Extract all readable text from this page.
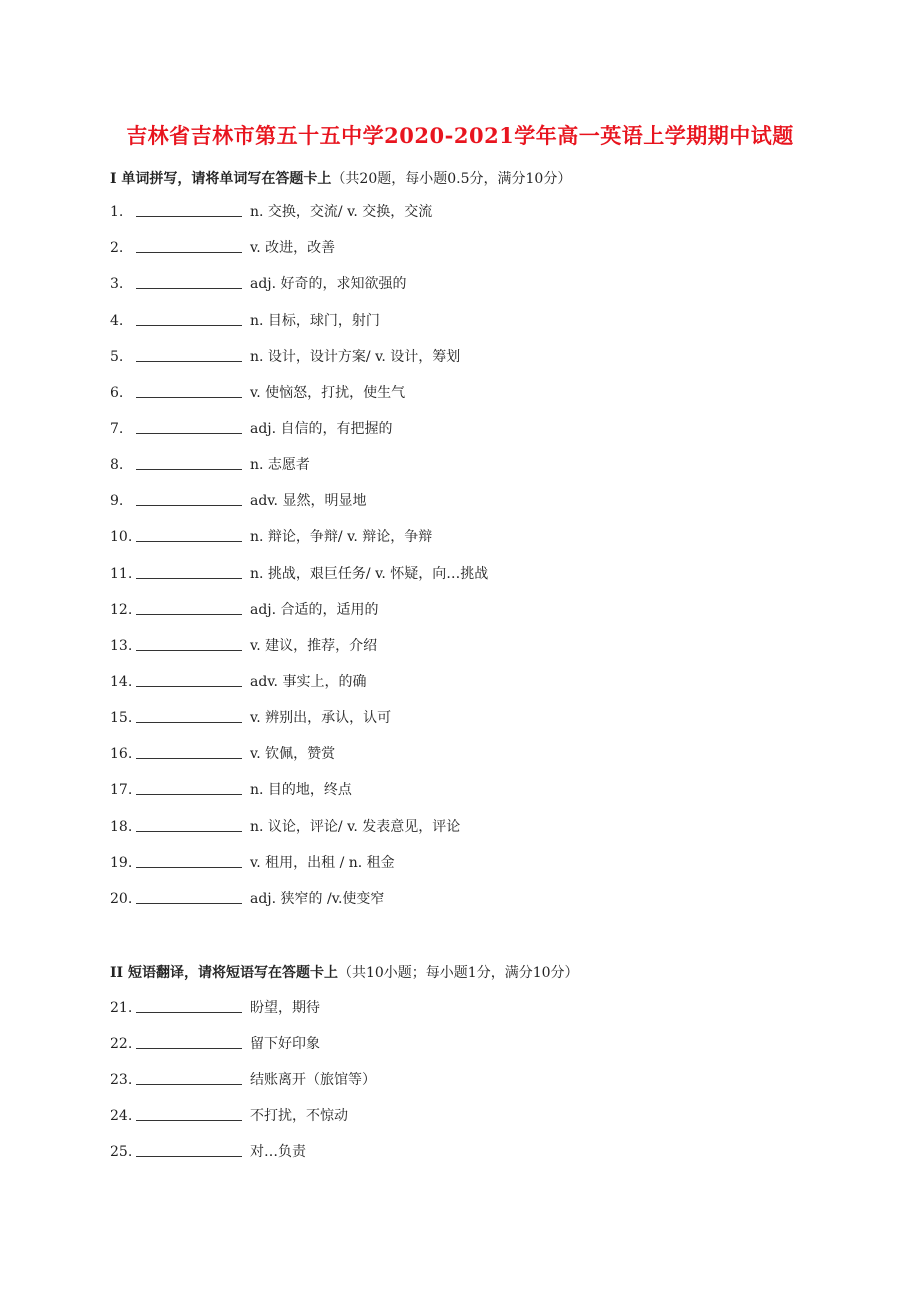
吉林省吉林市第五十五中学2020-2021学年高一英语上学期期中试题
I 单词拼写，请将单词写在答题卡上（共20题，每小题0.5分，满分10分）
1.	n. 交换，交流/ v. 交换，交流
2.	v. 改进，改善
3.	adj. 好奇的，求知欲强的
4.	n. 目标，球门，射门
5.	n. 设计，设计方案/ v. 设计，筹划
6.	v. 使恼怒，打扰，使生气
7.	adj. 自信的，有把握的
8.	n. 志愿者
9.	adv. 显然，明显地
10.	n. 辩论，争辩/ v. 辩论，争辩
11.	n. 挑战，艰巨任务/ v. 怀疑，向…挑战
12.	adj. 合适的，适用的
13.	v. 建议，推荐，介绍
14.	adv. 事实上，的确
15.	v. 辨别出，承认，认可
16.	v. 钦佩，赞赏
17.	n. 目的地，终点
18.	n. 议论，评论/ v. 发表意见，评论
19.	v. 租用，出租 / n. 租金
20.	adj. 狭窄的 /v.使变窄
II 短语翻译，请将短语写在答题卡上（共10小题；每小题1分，满分10分）
21.	盼望，期待
22.	留下好印象
23.	结账离开（旅馆等）
24.	不打扰，不惊动
25.	对…负责
